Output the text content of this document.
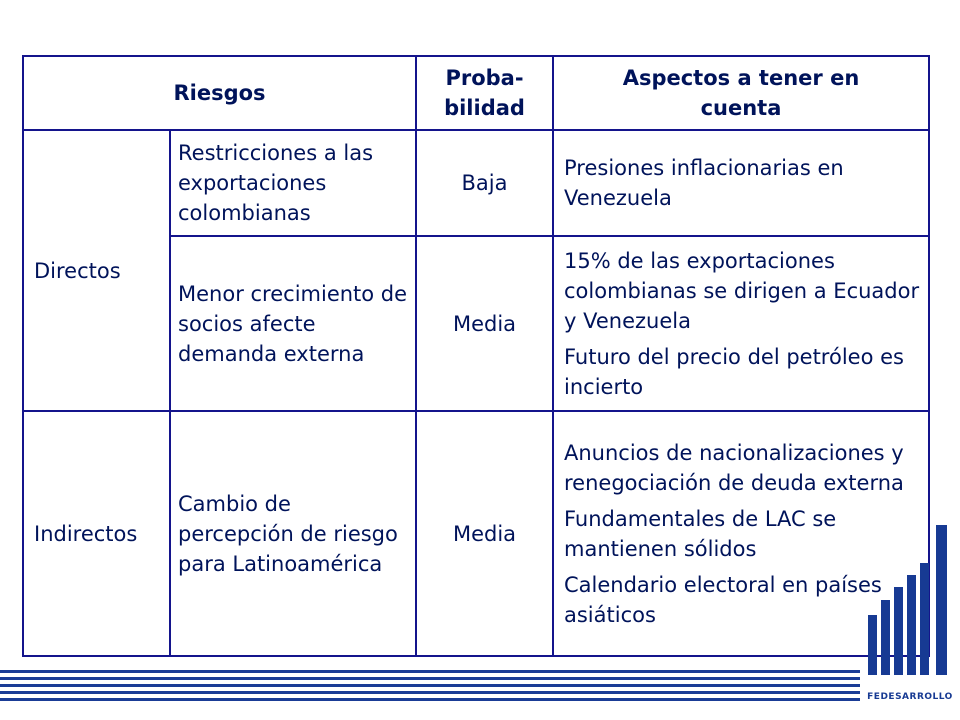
Riesgos
Proba-
bilidad
Aspectos a tener en cuenta
Directos
Restricciones a las exportaciones colombianas
Baja
Presiones inflacionarias en Venezuela
Menor crecimiento de socios afecte demanda externa
Media
15% de las exportaciones colombianas se dirigen a Ecuador y Venezuela
Futuro del precio del petróleo es incierto
Indirectos
Cambio de percepción de riesgo para Latinoamérica
Media
Anuncios de nacionalizaciones y renegociación de deuda externa
Fundamentales de LAC se mantienen sólidos
Calendario electoral en países asiáticos
FEDESARROLLO
